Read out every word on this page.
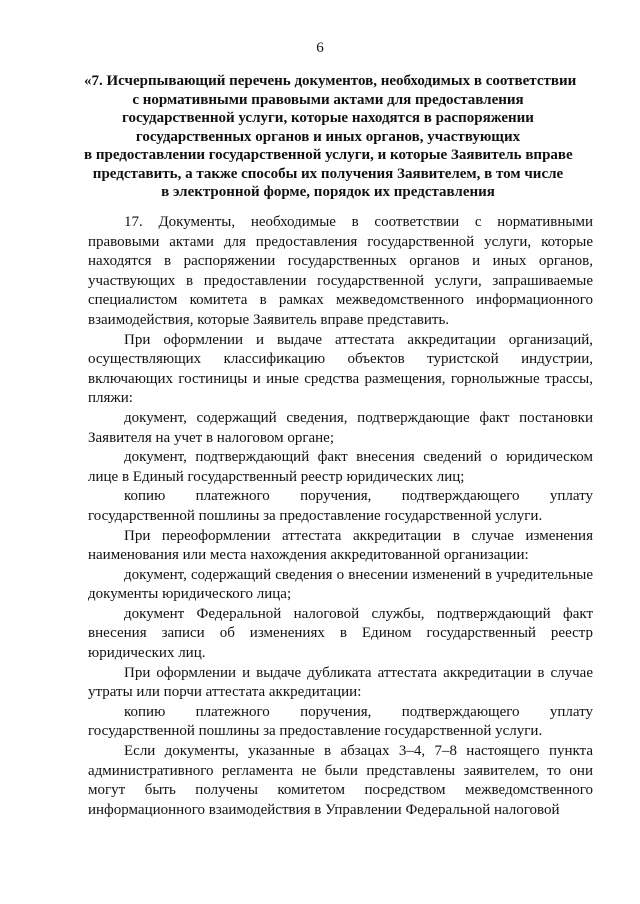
6
«7. Исчерпывающий перечень документов, необходимых в соответствии
с нормативными правовыми актами для предоставления
государственной услуги, которые находятся в распоряжении
государственных органов и иных органов, участвующих
в предоставлении государственной услуги, и которые Заявитель вправе
представить, а также способы их получения Заявителем, в том числе
в электронной форме, порядок их представления

17. Документы, необходимые в соответствии с нормативными правовыми актами для предоставления государственной услуги, которые находятся в распоряжении государственных органов и иных органов, участвующих в предоставлении государственной услуги, запрашиваемые специалистом комитета в рамках межведомственного информационного взаимодействия, которые Заявитель вправе представить.

При оформлении и выдаче аттестата аккредитации организаций, осуществляющих классификацию объектов туристской индустрии, включающих гостиницы и иные средства размещения, горнолыжные трассы, пляжи:

документ, содержащий сведения, подтверждающие факт постановки Заявителя на учет в налоговом органе;

документ, подтверждающий факт внесения сведений о юридическом лице в Единый государственный реестр юридических лиц;

копию платежного поручения, подтверждающего уплату государственной пошлины за предоставление государственной услуги.

При переоформлении аттестата аккредитации в случае изменения наименования или места нахождения аккредитованной организации:

документ, содержащий сведения о внесении изменений в учредительные документы юридического лица;

документ Федеральной налоговой службы, подтверждающий факт внесения записи об изменениях в Едином государственный реестр юридических лиц.

При оформлении и выдаче дубликата аттестата аккредитации в случае утраты или порчи аттестата аккредитации:

копию платежного поручения, подтверждающего уплату государственной пошлины за предоставление государственной услуги.

Если документы, указанные в абзацах 3–4, 7–8 настоящего пункта административного регламента не были представлены заявителем, то они могут быть получены комитетом посредством межведомственного информационного взаимодействия в Управлении Федеральной налоговой
